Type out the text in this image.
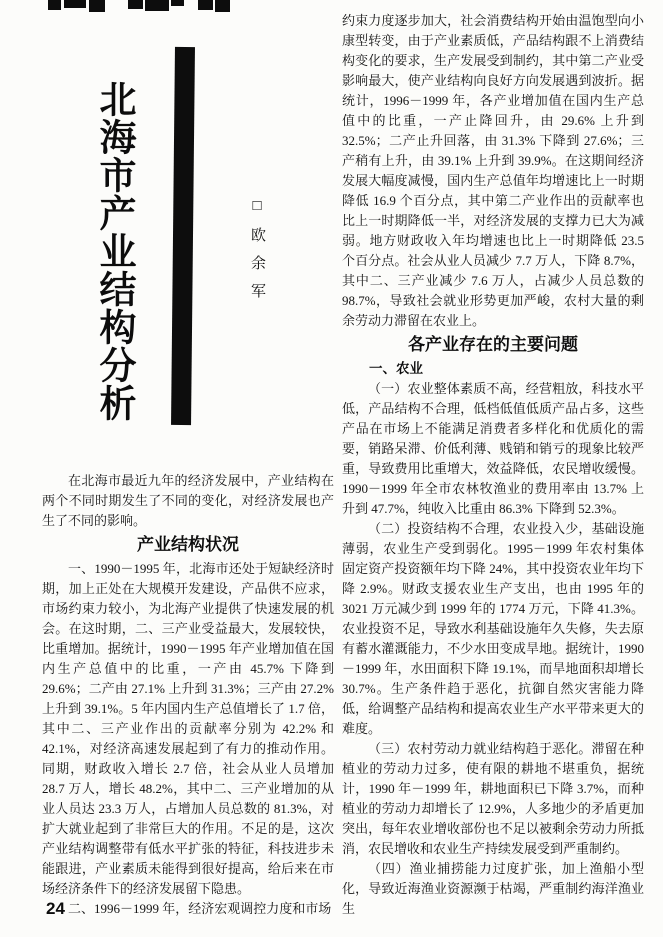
北海市产业结构分析	□欧余军

在北海市最近九年的经济发展中，产业结构在两个不同时期发生了不同的变化，对经济发展也产生了不同的影响。

产业结构状况

一、1990－1995 年，北海市还处于短缺经济时期，加上正处在大规模开发建设，产品供不应求，市场约束力较小，为北海产业提供了快速发展的机会。在这时期，二、三产业受益最大，发展较快，比重增加。据统计，1990－1995 年产业增加值在国内生产总值中的比重，一产由 45.7% 下降到 29.6%；二产由 27.1% 上升到 31.3%；三产由 27.2% 上升到 39.1%。5 年内国内生产总值增长了 1.7 倍，其中二、三产业作出的贡献率分别为 42.2% 和 42.1%，对经济高速发展起到了有力的推动作用。同期，财政收入增长 2.7 倍，社会从业人员增加 28.7 万人，增长 48.2%，其中二、三产业增加的从业人员达 23.3 万人，占增加人员总数的 81.3%，对扩大就业起到了非常巨大的作用。不足的是，这次产业结构调整带有低水平扩张的特征，科技进步未能跟进，产业素质未能得到很好提高，给后来在市场经济条件下的经济发展留下隐患。

二、1996－1999 年，经济宏观调控力度和市场

24

约束力度逐步加大，社会消费结构开始由温饱型向小康型转变，由于产业素质低，产品结构跟不上消费结构变化的要求，生产发展受到制约，其中第二产业受影响最大，使产业结构向良好方向发展遇到波折。据统计，1996－1999 年，各产业增加值在国内生产总值中的比重，一产止降回升，由 29.6% 上升到 32.5%；二产止升回落，由 31.3% 下降到 27.6%；三产稍有上升，由 39.1% 上升到 39.9%。在这期间经济发展大幅度减慢，国内生产总值年均增速比上一时期降低 16.9 个百分点，其中第二产业作出的贡献率也比上一时期降低一半，对经济发展的支撑力已大为减弱。地方财政收入年均增速也比上一时期降低 23.5 个百分点。社会从业人员减少 7.7 万人，下降 8.7%，其中二、三产业减少 7.6 万人，占减少人员总数的 98.7%，导致社会就业形势更加严峻，农村大量的剩余劳动力滞留在农业上。

各产业存在的主要问题
一、农业

（一）农业整体素质不高，经营粗放，科技水平低，产品结构不合理，低档低值低质产品占多，这些产品在市场上不能满足消费者多样化和优质化的需要，销路呆滞、价低利薄、贱销和销亏的现象比较严重，导致费用比重增大，效益降低，农民增收缓慢。1990－1999 年全市农林牧渔业的费用率由 13.7% 上升到 47.7%，纯收入比重由 86.3% 下降到 52.3%。

（二）投资结构不合理，农业投入少，基础设施薄弱，农业生产受到弱化。1995－1999 年农村集体固定资产投资额年均下降 24%，其中投资农业年均下降 2.9%。财政支援农业生产支出，也由 1995 年的 3021 万元减少到 1999 年的 1774 万元，下降 41.3%。农业投资不足，导致水利基础设施年久失修，失去原有蓄水灌溉能力，不少水田变成旱地。据统计，1990－1999 年，水田面积下降 19.1%，而旱地面积却增长 30.7%。生产条件趋于恶化，抗御自然灾害能力降低，给调整产品结构和提高农业生产水平带来更大的难度。

（三）农村劳动力就业结构趋于恶化。滞留在种植业的劳动力过多，使有限的耕地不堪重负，据统计，1990 年－1999 年，耕地面积已下降 3.7%，而种植业的劳动力却增长了 12.9%，人多地少的矛盾更加突出，每年农业增收部份也不足以被剩余劳动力所抵消，农民增收和农业生产持续发展受到严重制约。

（四）渔业捕捞能力过度扩张，加上渔船小型化，导致近海渔业资源濒于枯竭，严重制约海洋渔业生
